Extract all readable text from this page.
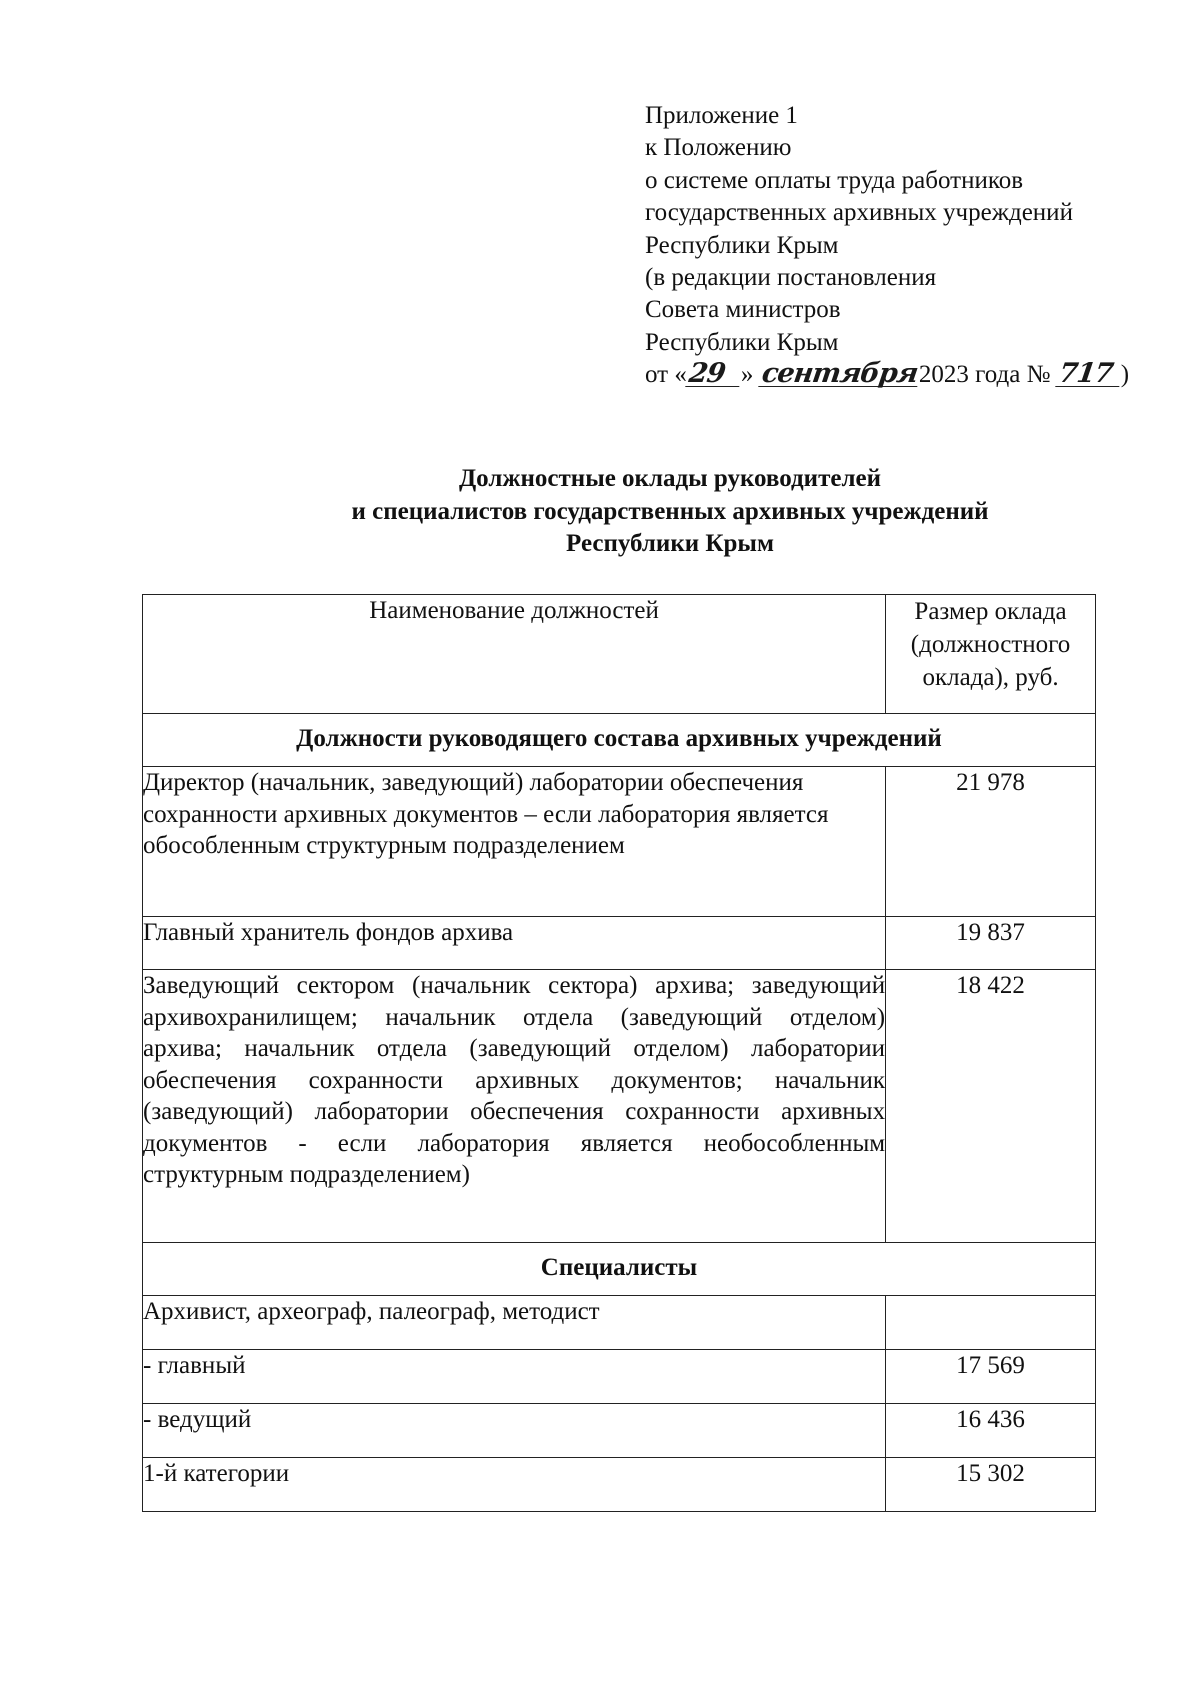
Приложение 1
к Положению
о системе оплаты труда работников
государственных архивных учреждений
Республики Крым
(в редакции постановления
Совета министров
Республики Крым
от «29 » сентября2023 года № 717 )
Должностные оклады руководителей
и специалистов государственных архивных учреждений
Республики Крым
Наименование должностей	Размер оклада (должностного оклада), руб.
Должности руководящего состава архивных учреждений	
Директор (начальник, заведующий) лаборатории обеспечения сохранности архивных документов – если лаборатория является обособленным структурным подразделением	21 978
Главный хранитель фондов архива	19 837
Заведующий сектором (начальник сектора) архива; заведующий архивохранилищем; начальник отдела (заведующий отделом) архива; начальник отдела (заведующий отделом) лаборатории обеспечения сохранности архивных документов; начальник (заведующий) лаборатории обеспечения сохранности архивных документов - если лаборатория является необособленным структурным подразделением)	18 422
Специалисты	
Архивист, археограф, палеограф, методист	
- главный	17 569
- ведущий	16 436
1-й категории	15 302
